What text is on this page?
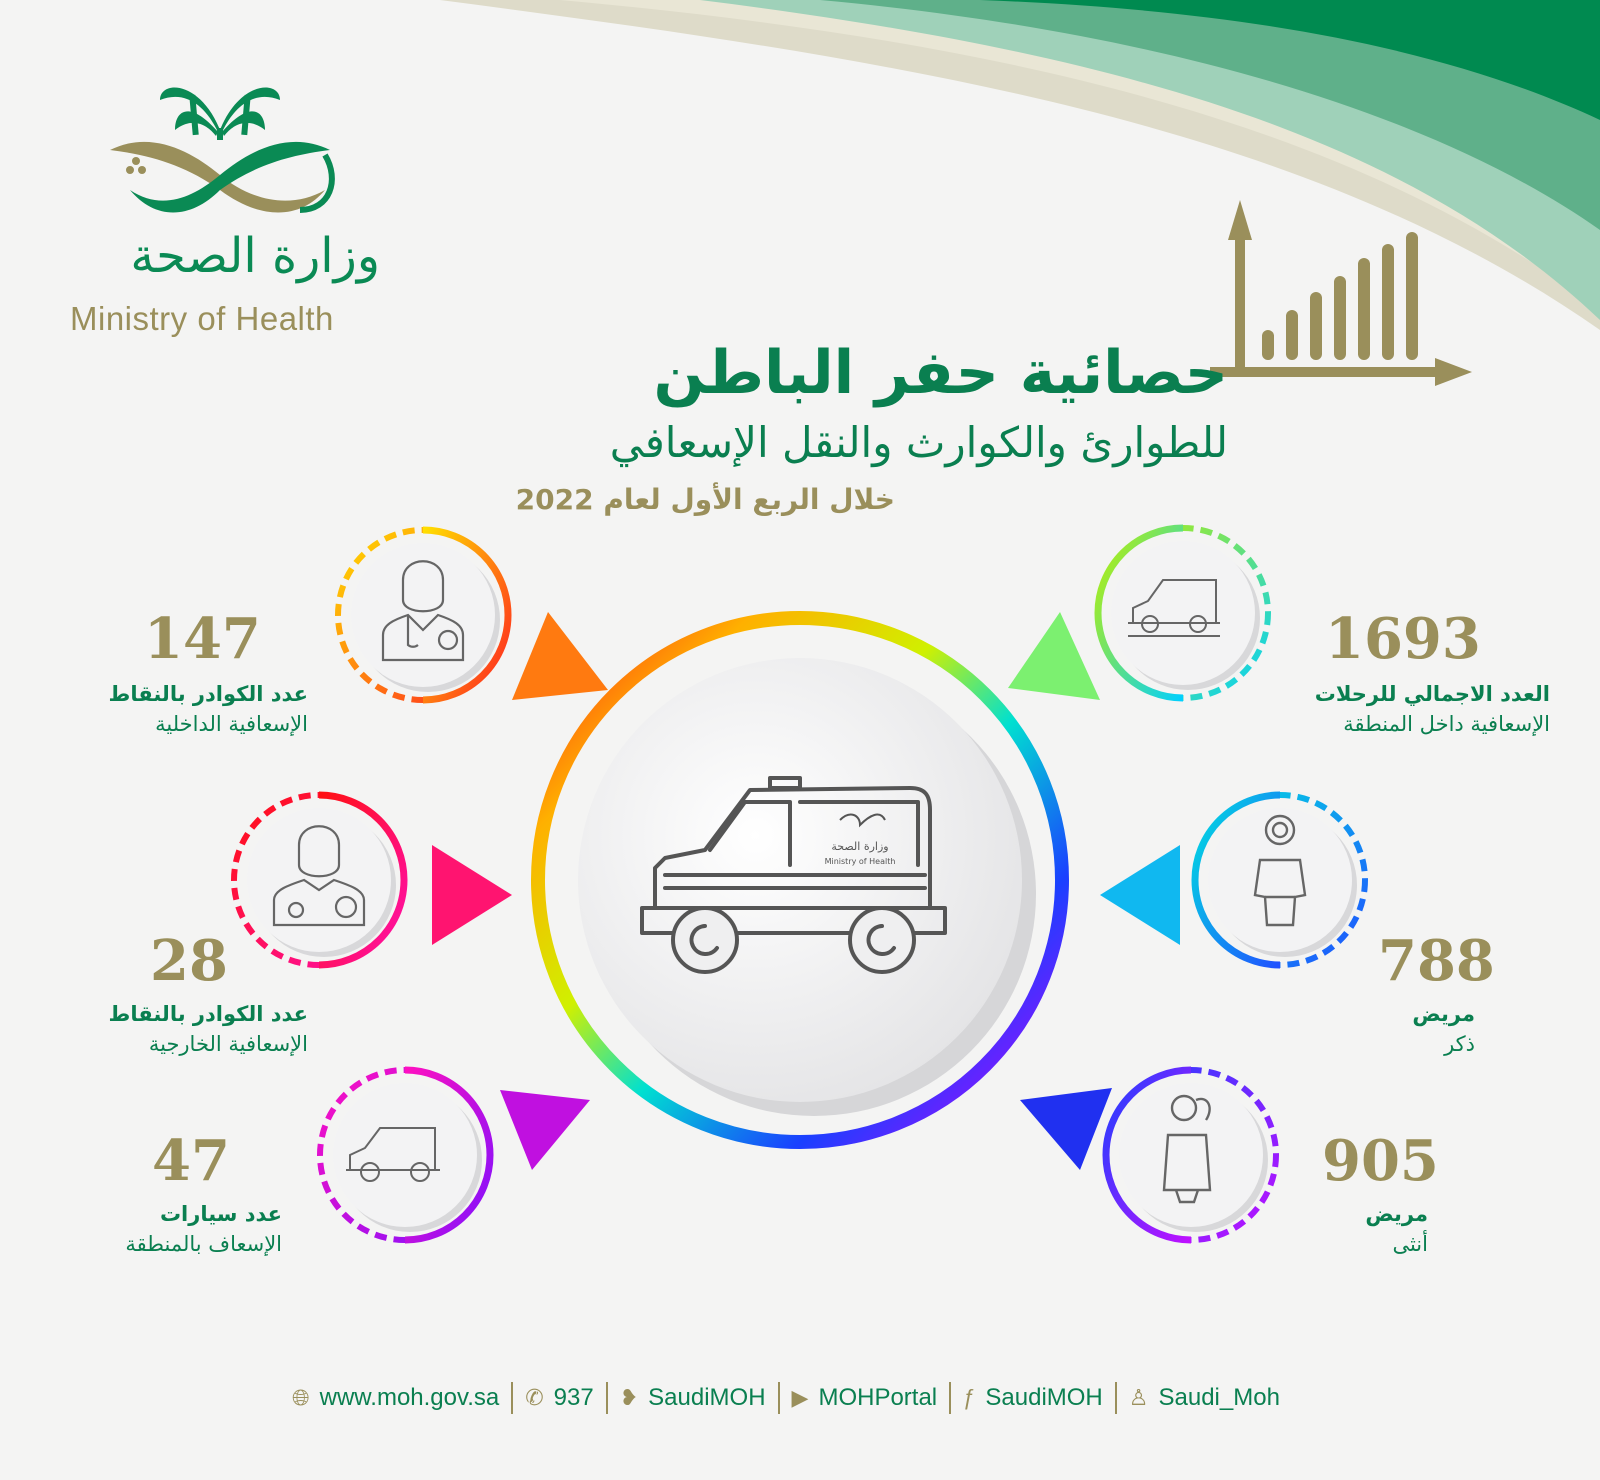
وزارة الصحة
Ministry of Health
حصائية حفر الباطن
للطوارئ والكوارث والنقل الإسعافي
خلال الربع الأول لعام 2022
وزارة الصحة
Ministry of Health
147
عدد الكوادر بالنقاط
الإسعافية الداخلية
28
عدد الكوادر بالنقاط
الإسعافية الخارجية
47
عدد سيارات
الإسعاف بالمنطقة
1693
العدد الاجمالي للرحلات
الإسعافية داخل المنطقة
788
مريض
ذكر
905
مريض
أنثى
🌐︎ www.moh.gov.sa ✆ 937 ❥ SaudiMOH ▶ MOHPortal ƒ SaudiMOH ♙ Saudi_Moh
